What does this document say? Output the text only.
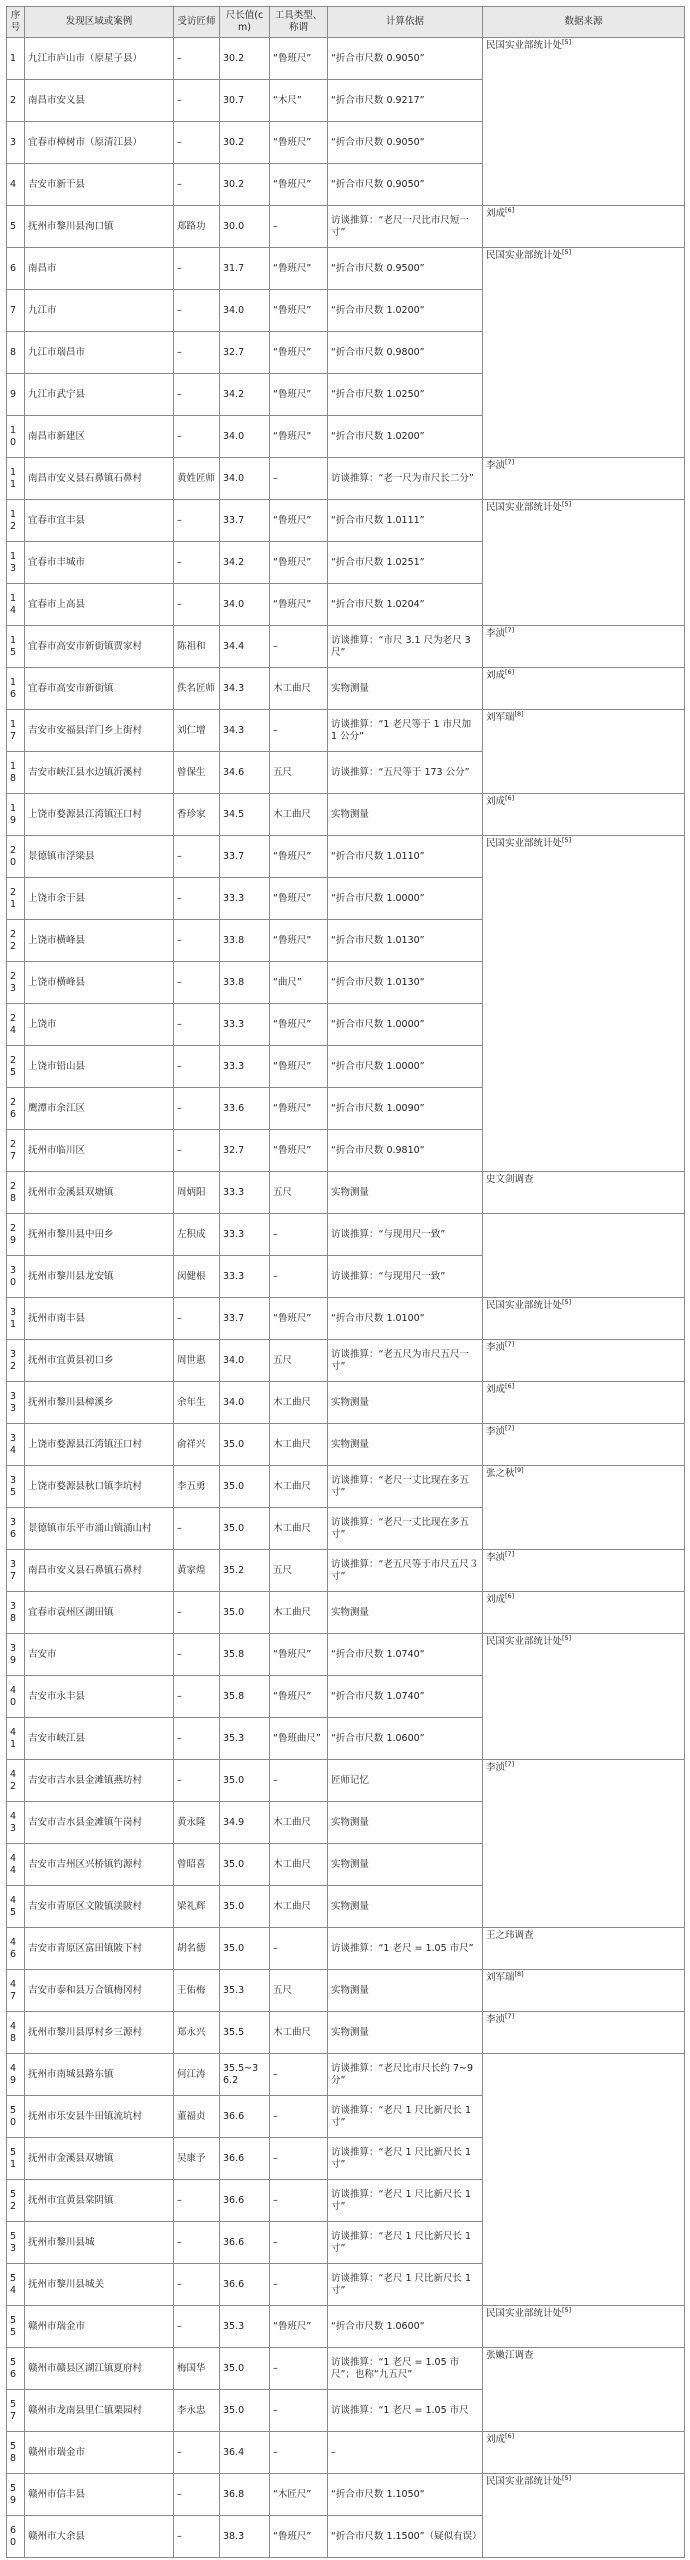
序号	发现区域或案例	受访匠师	尺长值(cm)	工具类型、称谓	计算依据	数据来源
1	九江市庐山市（原星子县）	–	30.2	“鲁班尺”	“折合市尺数 0.9050”	民国实业部统计处[5]
2	南昌市安义县	–	30.7	“木尺”	“折合市尺数 0.9217”	
3	宜春市樟树市（原清江县）	–	30.2	“鲁班尺”	“折合市尺数 0.9050”	
4	吉安市新干县	–	30.2	“鲁班尺”	“折合市尺数 0.9050”	
5	抚州市黎川县洵口镇	郑路功	30.0	–	访谈推算：“老尺一尺比市尺短一寸”	刘成[6]
6	南昌市	–	31.7	“鲁班尺”	“折合市尺数 0.9500”	民国实业部统计处[5]
7	九江市	–	34.0	“鲁班尺”	“折合市尺数 1.0200”	
8	九江市瑞昌市	–	32.7	“鲁班尺”	“折合市尺数 0.9800”	
9	九江市武宁县	–	34.2	“鲁班尺”	“折合市尺数 1.0250”	
10	南昌市新建区	–	34.0	“鲁班尺”	“折合市尺数 1.0200”	
11	南昌市安义县石鼻镇石鼻村	黄姓匠师	34.0	–	访谈推算：“老一尺为市尺长二分”	李浈[7]
12	宜春市宜丰县	–	33.7	“鲁班尺”	“折合市尺数 1.0111”	民国实业部统计处[5]
13	宜春市丰城市	–	34.2	“鲁班尺”	“折合市尺数 1.0251”	
14	宜春市上高县	–	34.0	“鲁班尺”	“折合市尺数 1.0204”	
15	宜春市高安市新街镇贾家村	陈祖和	34.4	–	访谈推算：“市尺 3.1 尺为老尺 3 尺”	李浈[7]
16	宜春市高安市新街镇	佚名匠师	34.3	木工曲尺	实物测量	刘成[6]
17	吉安市安福县洋门乡上街村	刘仁增	34.3	–	访谈推算：“1 老尺等于 1 市尺加 1 公分”	刘军瑞[8]
18	吉安市峡江县水边镇沂溪村	曾保生	34.6	五尺	访谈推算：“五尺等于 173 公分”	
19	上饶市婺源县江湾镇汪口村	香珍家	34.5	木工曲尺	实物测量	刘成[6]
20	景德镇市浮梁县	–	33.7	“鲁班尺”	“折合市尺数 1.0110”	民国实业部统计处[5]
21	上饶市余干县	–	33.3	“鲁班尺”	“折合市尺数 1.0000”	
22	上饶市横峰县	–	33.8	“鲁班尺”	“折合市尺数 1.0130”	
23	上饶市横峰县	–	33.8	“曲尺”	“折合市尺数 1.0130”	
24	上饶市	–	33.3	“鲁班尺”	“折合市尺数 1.0000”	
25	上饶市铅山县	–	33.3	“鲁班尺”	“折合市尺数 1.0000”	
26	鹰潭市余江区	–	33.6	“鲁班尺”	“折合市尺数 1.0090”	
27	抚州市临川区	–	32.7	“鲁班尺”	“折合市尺数 0.9810”	
28	抚州市金溪县双塘镇	周炳阳	33.3	五尺	实物测量	史文剑调查
29	抚州市黎川县中田乡	左积成	33.3	–	访谈推算：“与现用尺一致”	
30	抚州市黎川县龙安镇	闵健根	33.3	–	访谈推算：“与现用尺一致”	
31	抚州市南丰县	–	33.7	“鲁班尺”	“折合市尺数 1.0100”	民国实业部统计处[5]
32	抚州市宜黄县初口乡	周世惠	34.0	五尺	访谈推算：“老五尺为市尺五尺一寸”	李浈[7]
33	抚州市黎川县樟溪乡	余年生	34.0	木工曲尺	实物测量	刘成[6]
34	上饶市婺源县江湾镇汪口村	俞祥兴	35.0	木工曲尺	实物测量	李浈[7]
35	上饶市婺源县秋口镇李坑村	李五勇	35.0	木工曲尺	访谈推算：“老尺一丈比现在多五寸”	张之秋[9]
36	景德镇市乐平市涌山镇涌山村	–	35.0	木工曲尺	访谈推算：“老尺一丈比现在多五寸”	
37	南昌市安义县石鼻镇石鼻村	黄家煌	35.2	五尺	访谈推算：“老五尺等于市尺五尺３寸”	李浈[7]
38	宜春市袁州区湖田镇	–	35.0	木工曲尺	实物测量	刘成[6]
39	吉安市	–	35.8	“鲁班尺”	“折合市尺数 1.0740”	民国实业部统计处[5]
40	吉安市永丰县	–	35.8	“鲁班尺”	“折合市尺数 1.0740”	
41	吉安市峡江县	–	35.3	“鲁班曲尺”	“折合市尺数 1.0600”	
42	吉安市吉水县金滩镇燕坊村	–	35.0	–	匠师记忆	李浈[7]
43	吉安市吉水县金滩镇午岗村	黄永隆	34.9	木工曲尺	实物测量	
44	吉安市吉州区兴桥镇钓源村	曾昭喜	35.0	木工曲尺	实物测量	
45	吉安市青原区文陂镇渼陂村	梁礼辉	35.0	木工曲尺	实物测量	
46	吉安市青原区富田镇陂下村	胡名德	35.0	–	访谈推算：“1 老尺 = 1.05 市尺”	王之玮调查
47	吉安市泰和县万合镇梅冈村	王佑梅	35.3	五尺	实物测量	刘军瑞[8]
48	抚州市黎川县厚村乡三源村	郑永兴	35.5	木工曲尺	实物测量	李浈[7]
49	抚州市南城县路东镇	何江涛	35.5~36.2	–	访谈推算：“老尺比市尺长约 7~9 分”	
50	抚州市乐安县牛田镇流坑村	董福贞	36.6	–	访谈推算：“老尺 1 尺比新尺长 1 寸”	
51	抚州市金溪县双塘镇	吴康予	36.6	–	访谈推算：“老尺 1 尺比新尺长 1 寸”	
52	抚州市宜黄县棠阴镇	–	36.6	–	访谈推算：“老尺 1 尺比新尺长 1 寸”	
53	抚州市黎川县城	–	36.6	–	访谈推算：“老尺 1 尺比新尺长 1 寸”	
54	抚州市黎川县城关	–	36.6	–	访谈推算：“老尺 1 尺比新尺长 1 寸”	
55	赣州市瑞金市	–	35.3	“鲁班尺”	“折合市尺数 1.0600”	民国实业部统计处[5]
56	赣州市赣县区湖江镇夏府村	梅国华	35.0	–	访谈推算：“1 老尺 = 1.05 市尺”；也称“九五尺”	张嫩江调查
57	赣州市龙南县里仁镇栗园村	李永忠	35.0	–	访谈推算：“1 老尺 = 1.05 市尺	
58	赣州市瑞金市	–	36.4	–	–	刘成[6]
59	赣州市信丰县	–	36.8	“木匠尺”	“折合市尺数 1.1050”	民国实业部统计处[5]
60	赣州市大余县	–	38.3	“鲁班尺”	“折合市尺数 1.1500”（疑似有误）	
